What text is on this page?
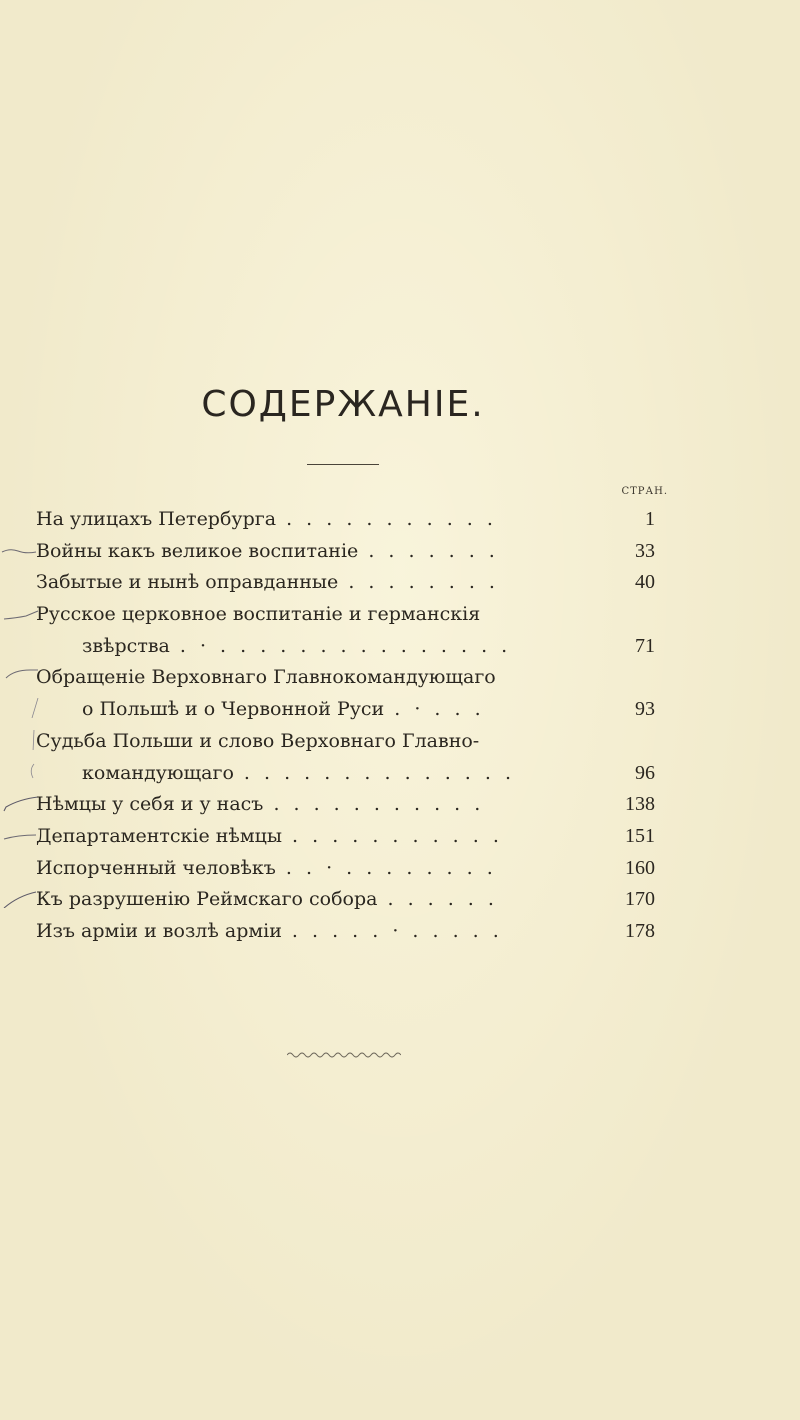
СОДЕРЖАНІЕ.
СТРАН.
На улицахъ Петербурга . . . . . . . . . . .	1
Войны какъ великое воспитаніе . . . . . . .	33
Забытые и нынѣ оправданные . . . . . . . .	40
Русское церковное воспитаніе и германскія
звѣрства . · . . . . . . . . . . . . . . .	71
Обращеніе Верховнаго Главнокомандующаго
о Польшѣ и о Червонной Руси . · . . .	93
Судьба Польши и слово Верховнаго Главно-
командующаго . . . . . . . . . . . . . .	96
Нѣмцы у себя и у насъ . . . . . . . . . . .	138
Департаментскіе нѣмцы . . . . . . . . . . .	151
Испорченный человѣкъ . . · . . . . . . . .	160
Къ разрушенію Реймскаго собора . . . . . .	170
Изъ арміи и возлѣ арміи . . . . . · . . . . .	178
